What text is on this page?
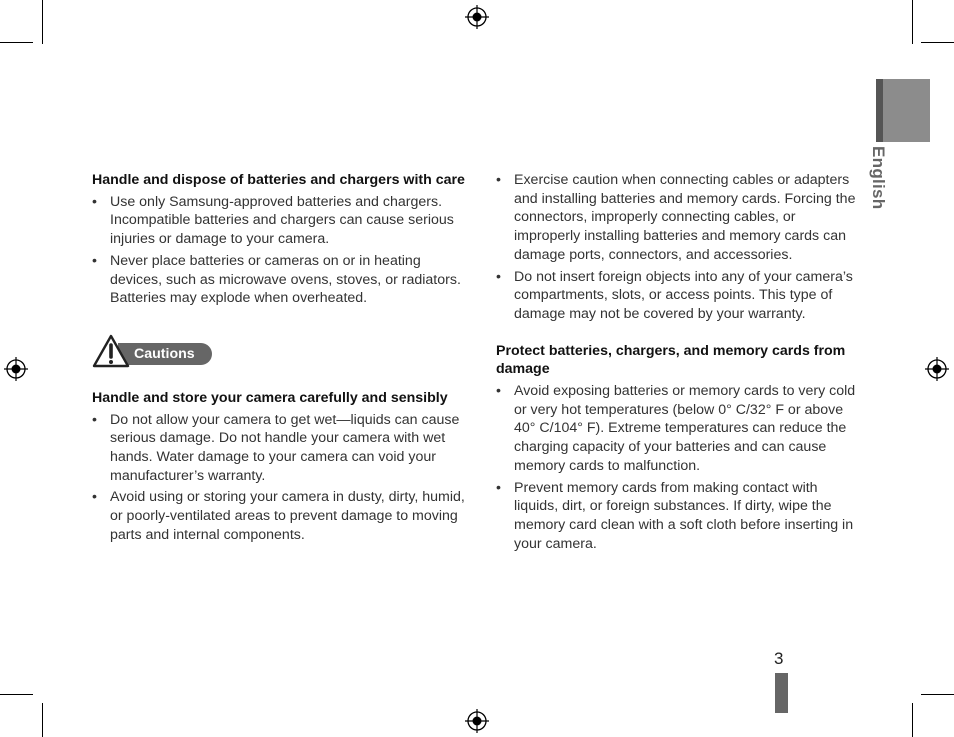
English
Handle and dispose of batteries and chargers with care
• Use only Samsung-approved batteries and chargers. Incompatible batteries and chargers can cause serious injuries or damage to your camera.
• Never place batteries or cameras on or in heating devices, such as microwave ovens, stoves, or radiators. Batteries may explode when overheated.
Cautions
Handle and store your camera carefully and sensibly
• Do not allow your camera to get wet—liquids can cause serious damage. Do not handle your camera with wet hands. Water damage to your camera can void your manufacturer’s warranty.
• Avoid using or storing your camera in dusty, dirty, humid, or poorly-ventilated areas to prevent damage to moving parts and internal components.
• Exercise caution when connecting cables or adapters and installing batteries and memory cards. Forcing the connectors, improperly connecting cables, or improperly installing batteries and memory cards can damage ports, connectors, and accessories.
• Do not insert foreign objects into any of your camera’s compartments, slots, or access points. This type of damage may not be covered by your warranty.
Protect batteries, chargers, and memory cards from damage
• Avoid exposing batteries or memory cards to very cold or very hot temperatures (below 0° C/32° F or above 40° C/104° F). Extreme temperatures can reduce the charging capacity of your batteries and can cause memory cards to malfunction.
• Prevent memory cards from making contact with liquids, dirt, or foreign substances. If dirty, wipe the memory card clean with a soft cloth before inserting in your camera.
3
